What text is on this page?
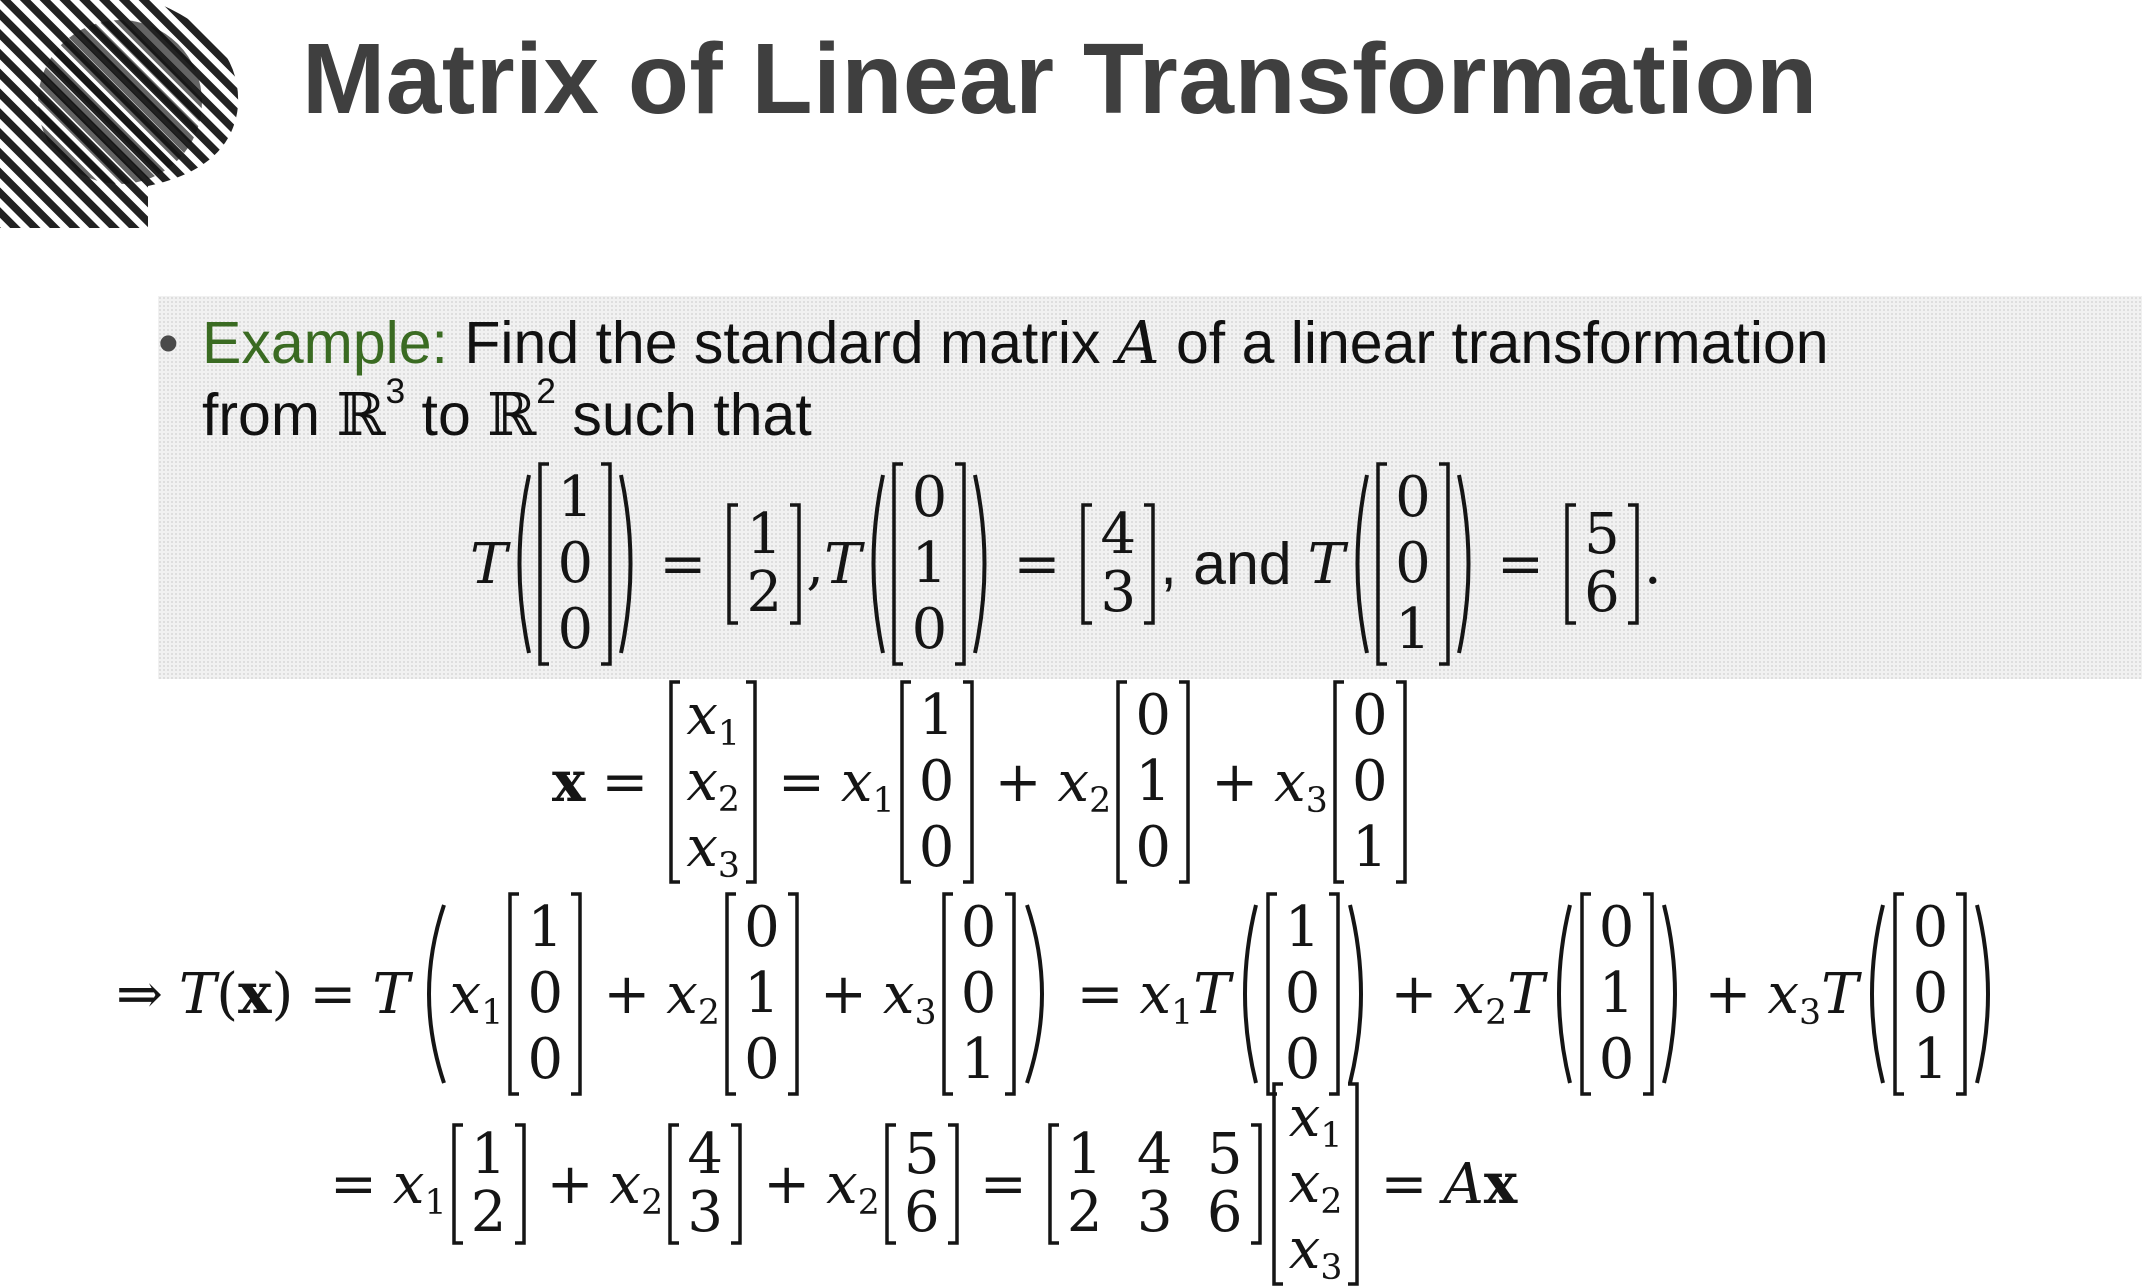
Matrix of Linear Transformation
• Example: Find the standard matrix A of a linear transformation
from ℝ$^3$ to ℝ$^2$ such that
T
1
0
0
= 1
2 , T
0
1
0
= 4
3 , and T
0
0
1
= 5
6 .
x =
$x_1$
$x_2$
$x_3$
= $x_1$
1
0
0
+ $x_2$
0
1
0
+ $x_3$
0
0
1
⇒ T ( x ) = T $x_1$
1
0
0
+ $x_2$
0
1
0
+ $x_3$
0
0
1
= $x_1$ T
1
0
0
+ $x_2$ T
0
1
0
+ $x_3$ T
0
0
1
= $x_1$
1
$2 + x_2$
4
$3 + x_2$
5
6 = 1
2
4
3
5
6
$x_1$
$x_2$
$x_3$
= A x
